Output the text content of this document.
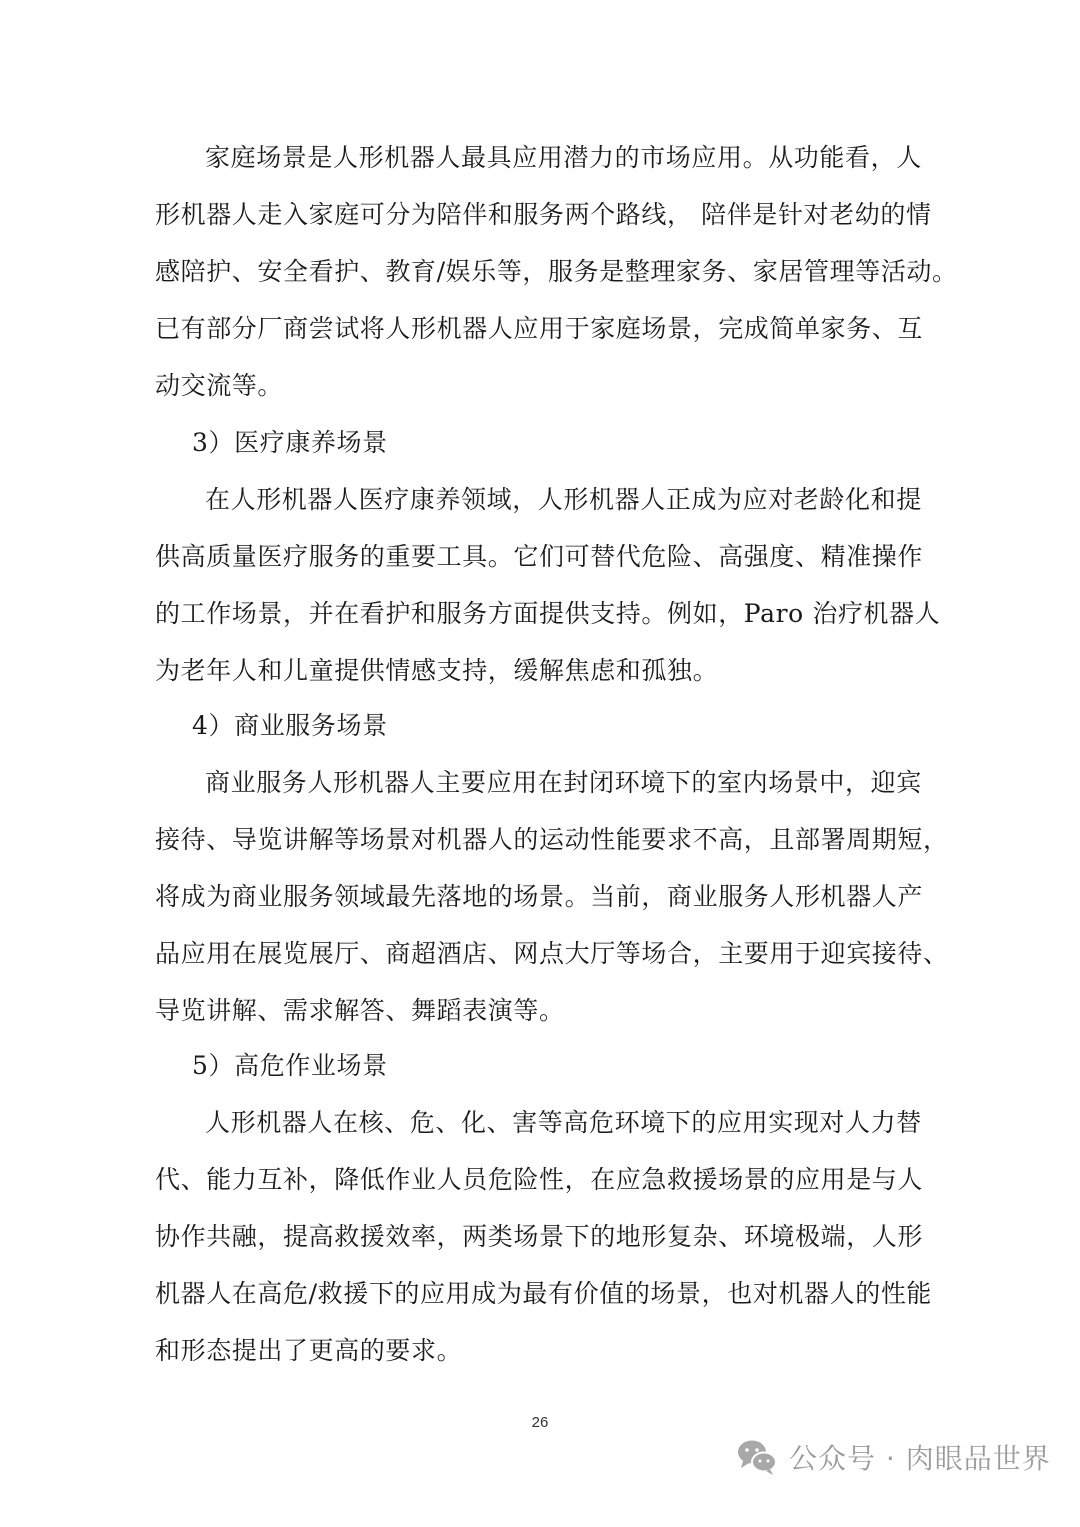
家庭场景是人形机器人最具应用潜力的市场应用。从功能看，人
形机器人走入家庭可分为陪伴和服务两个路线， 陪伴是针对老幼的情
感陪护、安全看护、教育/娱乐等，服务是整理家务、家居管理等活动。
已有部分厂商尝试将人形机器人应用于家庭场景，完成简单家务、互
动交流等。
3）医疗康养场景
在人形机器人医疗康养领域，人形机器人正成为应对老龄化和提
供高质量医疗服务的重要工具。它们可替代危险、高强度、精准操作
的工作场景，并在看护和服务方面提供支持。例如，Paro 治疗机器人
为老年人和儿童提供情感支持，缓解焦虑和孤独。
4）商业服务场景
商业服务人形机器人主要应用在封闭环境下的室内场景中，迎宾
接待、导览讲解等场景对机器人的运动性能要求不高，且部署周期短，
将成为商业服务领域最先落地的场景。当前，商业服务人形机器人产
品应用在展览展厅、商超酒店、网点大厅等场合，主要用于迎宾接待、
导览讲解、需求解答、舞蹈表演等。
5）高危作业场景
人形机器人在核、危、化、害等高危环境下的应用实现对人力替
代、能力互补，降低作业人员危险性，在应急救援场景的应用是与人
协作共融，提高救援效率，两类场景下的地形复杂、环境极端，人形
机器人在高危/救援下的应用成为最有价值的场景，也对机器人的性能
和形态提出了更高的要求。
26
公众号 · 肉眼品世界
